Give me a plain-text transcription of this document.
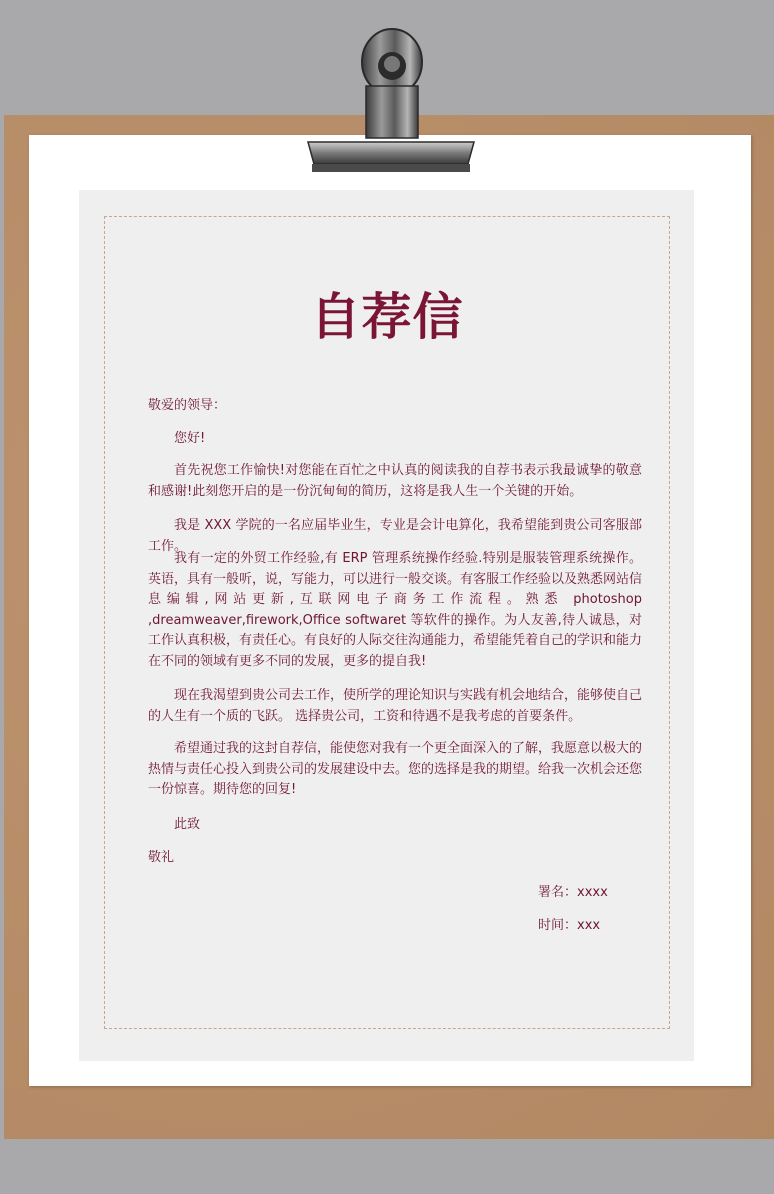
自荐信
敬爱的领导：
您好!
首先祝您工作愉快!对您能在百忙之中认真的阅读我的自荐书表示我最诚挚的敬意和感谢!此刻您开启的是一份沉甸甸的简历，这将是我人生一个关键的开始。
我是 XXX 学院的一名应届毕业生，专业是会计电算化，我希望能到贵公司客服部工作。
我有一定的外贸工作经验,有 ERP 管理系统操作经验.特别是服装管理系统操作。英语，具有一般听，说，写能力，可以进行一般交谈。有客服工作经验以及熟悉网站信息编辑,网站更新,互联网电子商务工作流程。熟悉 photoshop ,dreamweaver,firework,Office softwaret 等软件的操作。为人友善,待人诚恳，对工作认真积极，有责任心。有良好的人际交往沟通能力，希望能凭着自己的学识和能力在不同的领域有更多不同的发展，更多的提自我!
现在我渴望到贵公司去工作，使所学的理论知识与实践有机会地结合，能够使自己的人生有一个质的飞跃。 选择贵公司，工资和待遇不是我考虑的首要条件。
希望通过我的这封自荐信，能使您对我有一个更全面深入的了解，我愿意以极大的热情与责任心投入到贵公司的发展建设中去。您的选择是我的期望。给我一次机会还您一份惊喜。期待您的回复!
此致
敬礼
署名：xxxx
时间：xxx
